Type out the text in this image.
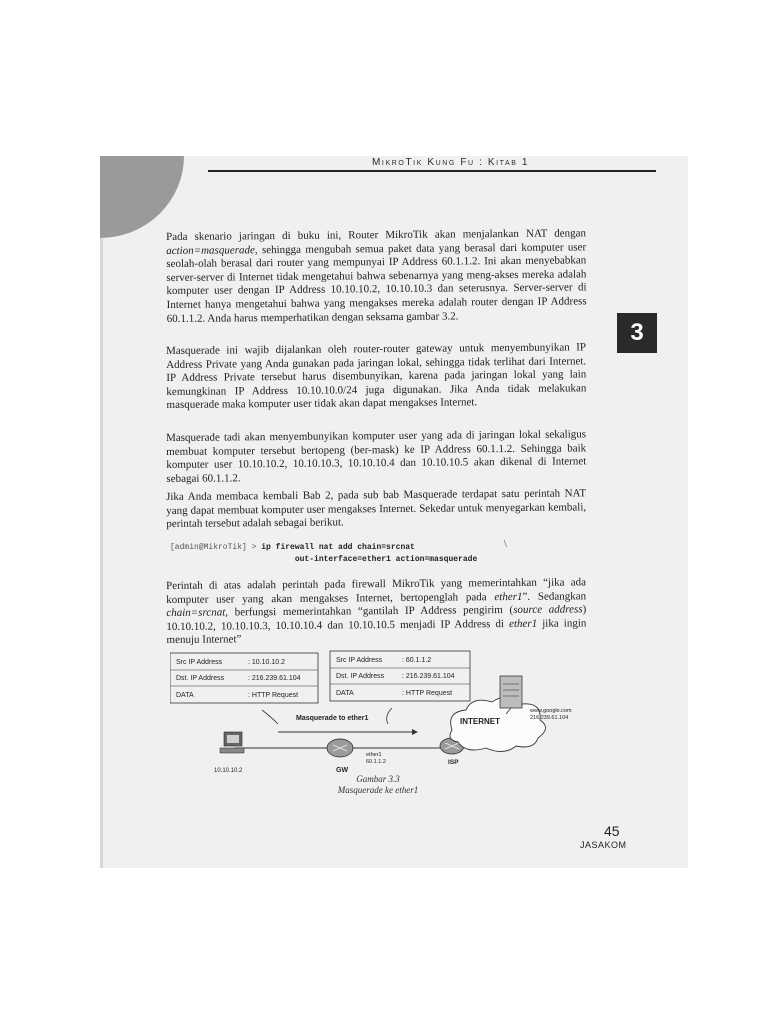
MikroTik Kung Fu : Kitab 1
3
Pada skenario jaringan di buku ini, Router MikroTik akan menjalankan NAT dengan action=masquerade, sehingga mengubah semua paket data yang berasal dari komputer user seolah-olah berasal dari router yang mempunyai IP Address 60.1.1.2. Ini akan menyebabkan server-server di Internet tidak mengetahui bahwa sebenarnya yang meng-akses mereka adalah komputer user dengan IP Address 10.10.10.2, 10.10.10.3 dan seterusnya. Server-server di Internet hanya mengetahui bahwa yang mengakses mereka adalah router dengan IP Address 60.1.1.2. Anda harus memperhatikan dengan seksama gambar 3.2.
Masquerade ini wajib dijalankan oleh router-router gateway untuk menyembunyikan IP Address Private yang Anda gunakan pada jaringan lokal, sehingga tidak terlihat dari Internet. IP Address Private tersebut harus disembunyikan, karena pada jaringan lokal yang lain kemungkinan IP Address 10.10.10.0/24 juga digunakan. Jika Anda tidak melakukan masquerade maka komputer user tidak akan dapat mengakses Internet.
Masquerade tadi akan menyembunyikan komputer user yang ada di jaringan lokal sekaligus membuat komputer tersebut bertopeng (ber-mask) ke IP Address 60.1.1.2. Sehingga baik komputer user 10.10.10.2, 10.10.10.3, 10.10.10.4 dan 10.10.10.5 akan dikenal di Internet sebagai 60.1.1.2.
Jika Anda membaca kembali Bab 2, pada sub bab Masquerade terdapat satu perintah NAT yang dapat membuat komputer user mengakses Internet. Sekedar untuk menyegarkan kembali, perintah tersebut adalah sebagai berikut.
[admin@MikroTik] > ip firewall nat add chain=srcnat
out-interface=ether1 action=masquerade
\
Perintah di atas adalah perintah pada firewall MikroTik yang memerintahkan “jika ada komputer user yang akan mengakses Internet, bertopenglah pada ether1”. Sedangkan chain=srcnat, berfungsi memerintahkan “gantilah IP Address pengirim (source address) 10.10.10.2, 10.10.10.3, 10.10.10.4 dan 10.10.10.5 menjadi IP Address di ether1 jika ingin menuju Internet”
Src IP Address	: 10.10.10.2
Dst. IP Address	: 216.239.61.104
DATA	: HTTP Request
Src IP Address	: 60.1.1.2
Dst. IP Address	: 216.239.61.104
DATA	: HTTP Request
Masquerade to ether1
10.10.10.2	GW
ether1
60.1.1.2	ISP
INTERNET
www.google.com
216.239.61.104
Gambar 3.3
Masquerade ke ether1
45
JASAKOM
